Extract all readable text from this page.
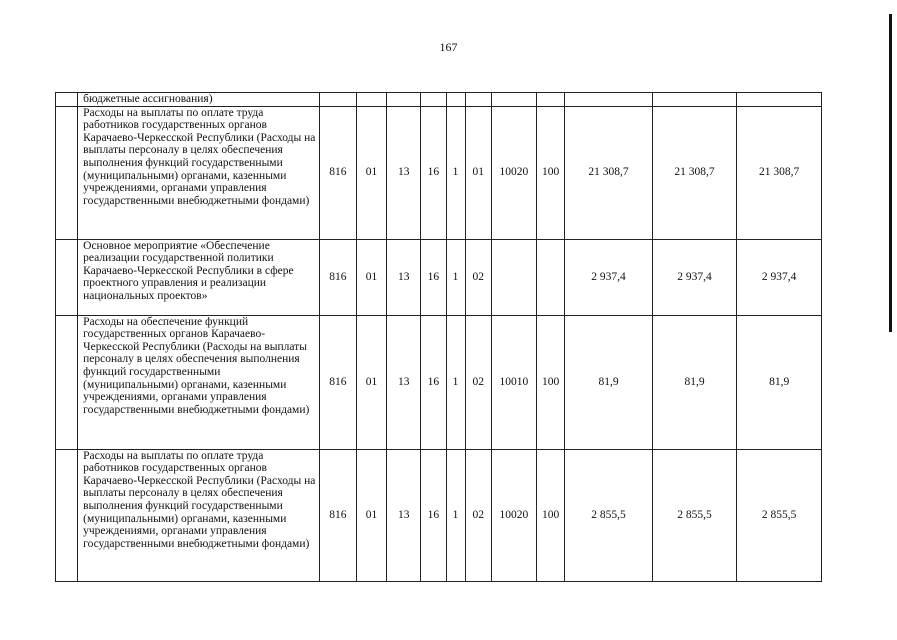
167
	бюджетные ассигнования)											
	Расходы на выплаты по оплате труда работников государственных органов Карачаево-Черкесской Республики (Расходы на выплаты персоналу в целях обеспечения выполнения функций государственными (муниципальными) органами, казенными учреждениями, органами управления государственными внебюджетными фондами)	816	01	13	16	1	01	10020	100	21 308,7	21 308,7	21 308,7
	Основное мероприятие «Обеспечение реализации государственной политики Карачаево-Черкесской Республики в сфере проектного управления и реализации национальных проектов»	816	01	13	16	1	02			2 937,4	2 937,4	2 937,4
	Расходы на обеспечение функций государственных органов Карачаево-Черкесской Республики (Расходы на выплаты персоналу в целях обеспечения выполнения функций государственными (муниципальными) органами, казенными учреждениями, органами управления государственными внебюджетными фондами)	816	01	13	16	1	02	10010	100	81,9	81,9	81,9
	Расходы на выплаты по оплате труда работников государственных органов Карачаево-Черкесской Республики (Расходы на выплаты персоналу в целях обеспечения выполнения функций государственными (муниципальными) органами, казенными учреждениями, органами управления государственными внебюджетными фондами)	816	01	13	16	1	02	10020	100	2 855,5	2 855,5	2 855,5
